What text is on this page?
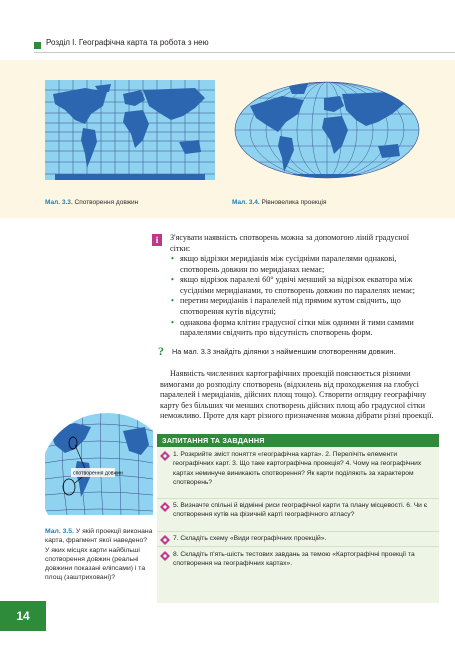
Розділ І. Географічна карта та робота з нею
Мал. 3.3. Спотворення довжин	Мал. 3.4. Рівновелика проекція
i	З'ясувати наявність спотворень можна за допомогою ліній градусної сітки:
• якщо відрізки меридіанів між сусідніми паралелями однакові, спотворень довжин по меридіанах немає;
• якщо відрізок паралелі 60° удвічі менший за відрізок екватора між сусідніми меридіанами, то спотворень довжин по паралелях немає;
• перетин меридіанів і паралелей під прямим кутом свідчить, що спотворення кутів відсутні;
• однакова форма клітин градусної сітки між одними й тими самими паралелями свідчить про відсутність спотворень форм.
? На мал. 3.3 знайдіть ділянки з найменшим спотворенням довжин.
Наявність численних картографічних проекцій пояснюється різними вимогами до розподілу спотворень (відхилень від проходження на глобусі паралелей і меридіанів, дійсних площ тощо). Створити оглядну географічну карту без більших чи менших спотворень дійсних площ або градусної сітки неможливо. Проте для карт різного призначення можна дібрати різні проекції.
спотворення довжин
Мал. 3.5. У якій проекції виконана карта, фрагмент якої наведено? У яких місцях карти найбільші спотворення довжин (реальні довжини показані еліпсами) і та площ (заштриховані)?
ЗАПИТАННЯ ТА ЗАВДАННЯ
1. Розкрийте зміст поняття «географічна карта». 2. Перелічіть елементи географічних карт. 3. Що таке картографічна проекція? 4. Чому на географічних картах неминуче виникають спотворення? Як карти поділяють за характером спотворень?
5. Визначте спільні й відмінні риси географічної карти та плану місцевості. 6. Чи є спотворення кутів на фізичній карті географічного атласу?
7. Складіть схему «Види географічних проекцій».
8. Складіть п'ять-шість тестових завдань за темою «Картографічні проекції та спотворення на географічних картах».
14
